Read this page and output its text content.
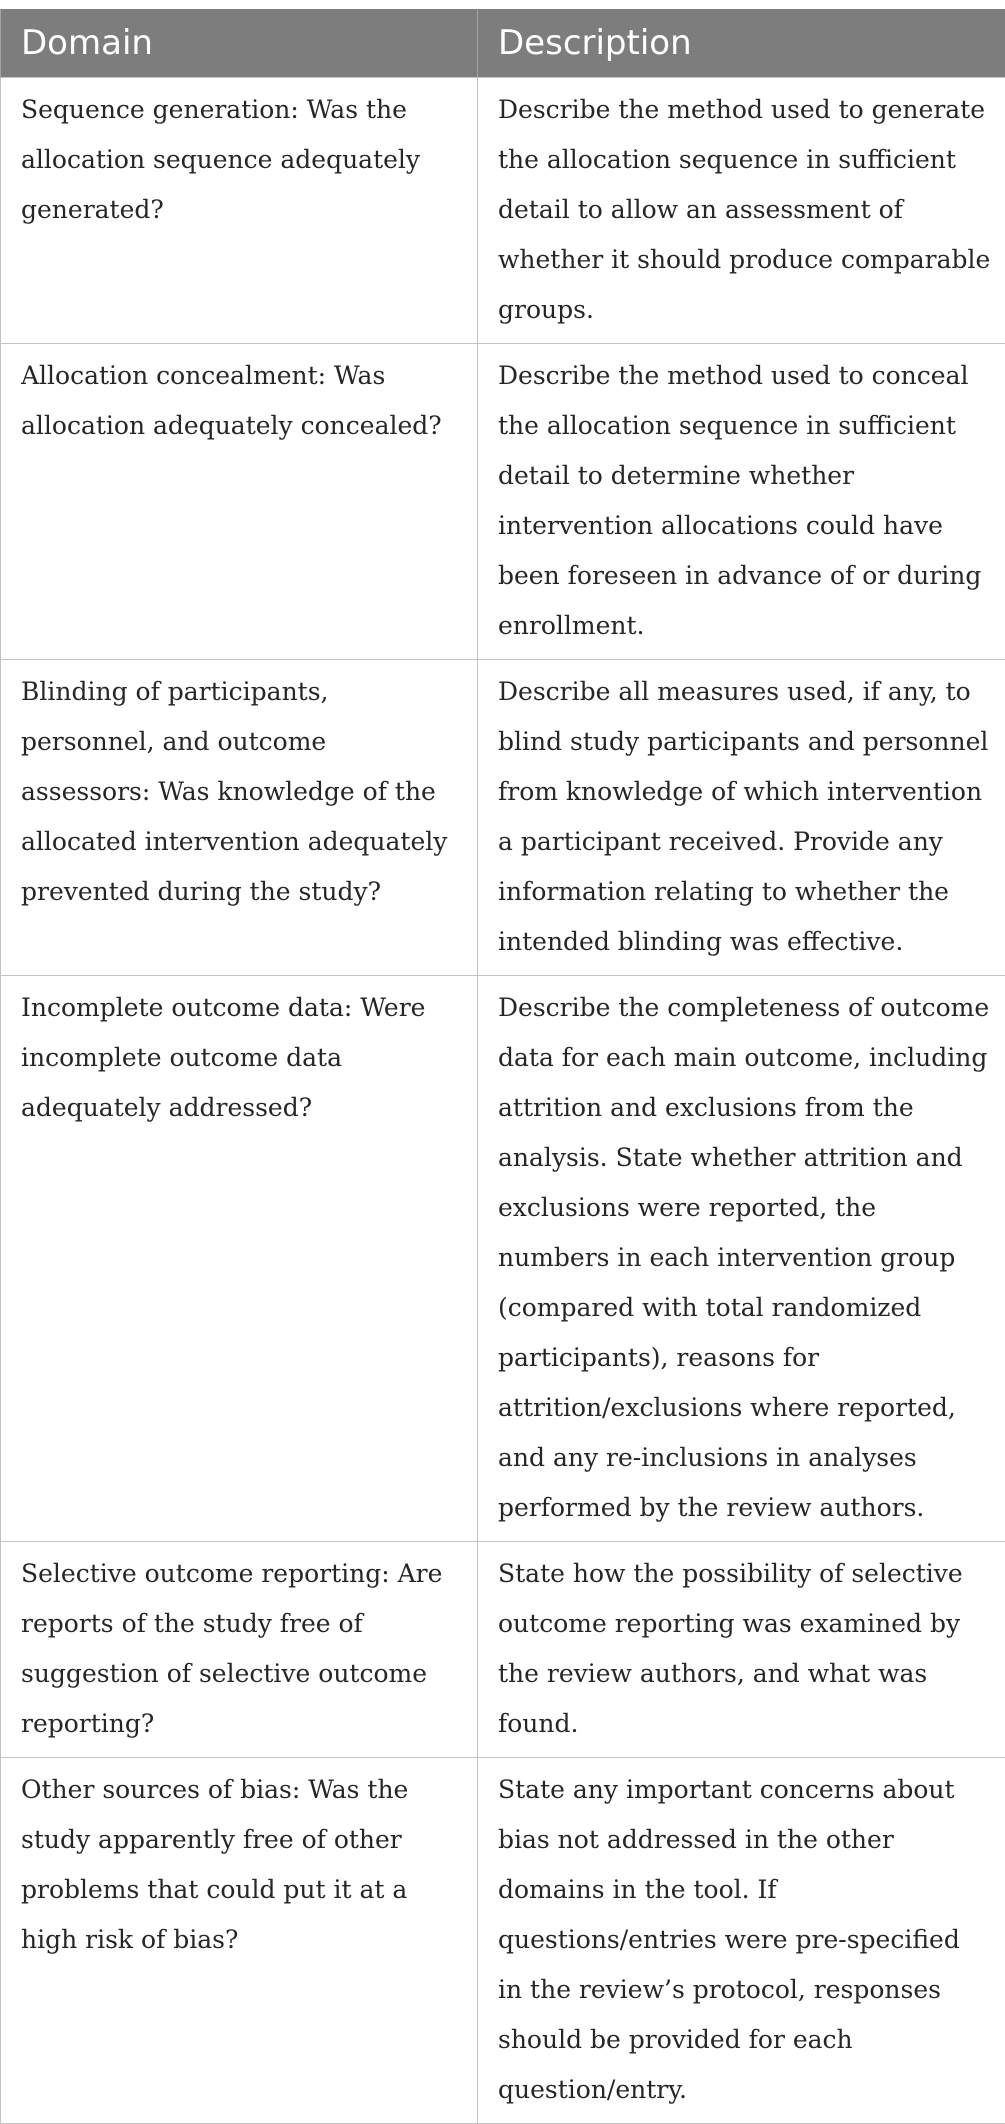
Domain	Description
Sequence generation: Was the allocation sequence adequately generated?	Describe the method used to generate the allocation sequence in sufficient detail to allow an assessment of whether it should produce comparable groups.
Allocation concealment: Was allocation adequately concealed?	Describe the method used to conceal the allocation sequence in sufficient detail to determine whether intervention allocations could have been foreseen in advance of or during enrollment.
Blinding of participants, personnel, and outcome assessors: Was knowledge of the allocated intervention adequately prevented during the study?	Describe all measures used, if any, to blind study participants and personnel from knowledge of which intervention a participant received. Provide any information relating to whether the intended blinding was effective.
Incomplete outcome data: Were incomplete outcome data adequately addressed?	Describe the completeness of outcome data for each main outcome, including attrition and exclusions from the analysis. State whether attrition and exclusions were reported, the numbers in each intervention group (compared with total randomized participants), reasons for attrition/exclusions where reported, and any re-inclusions in analyses performed by the review authors.
Selective outcome reporting: Are reports of the study free of suggestion of selective outcome reporting?	State how the possibility of selective outcome reporting was examined by the review authors, and what was found.
Other sources of bias: Was the study apparently free of other problems that could put it at a high risk of bias?	State any important concerns about bias not addressed in the other domains in the tool. If questions/entries were pre-specified in the review’s protocol, responses should be provided for each question/entry.
